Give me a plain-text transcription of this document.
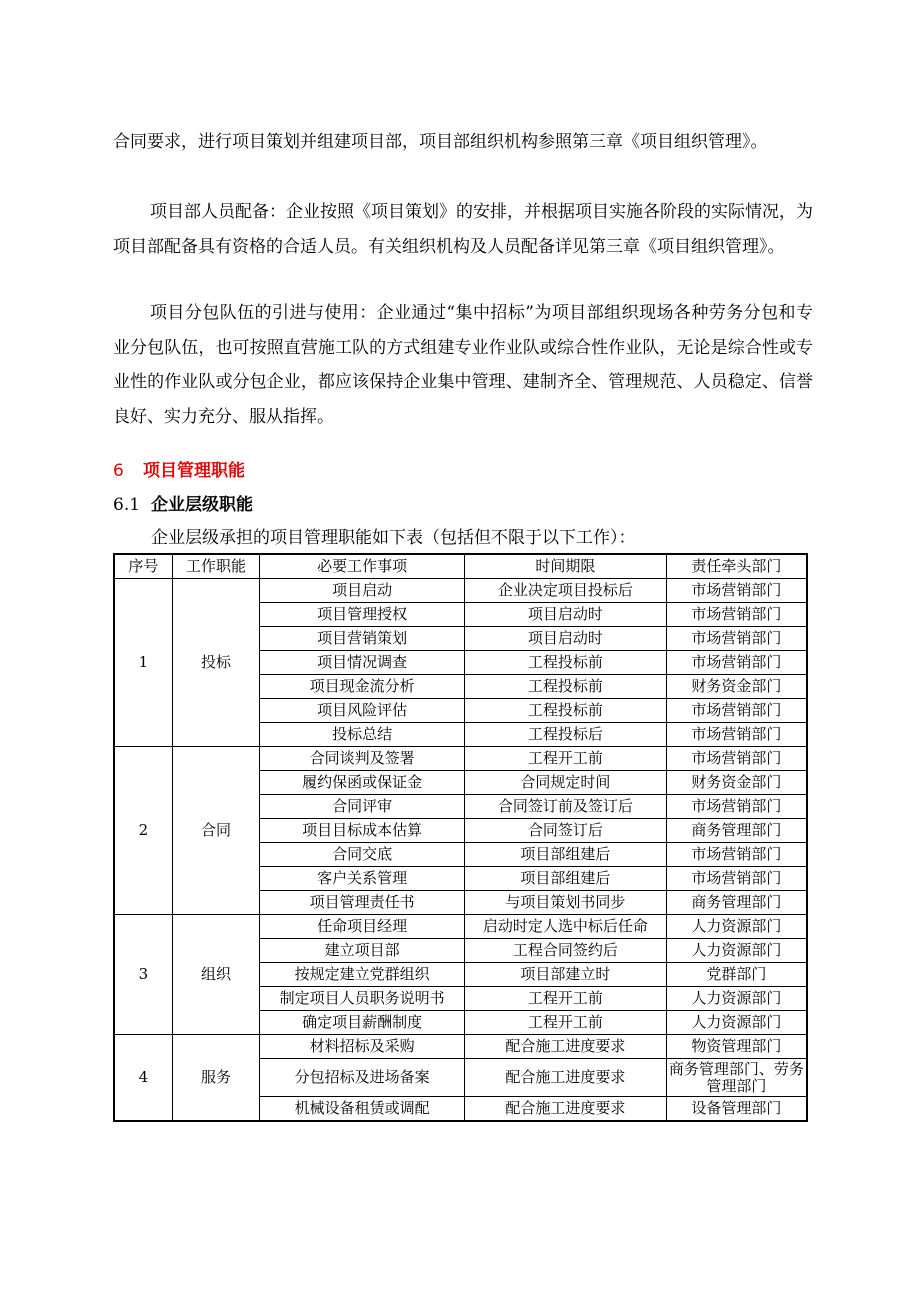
合同要求，进行项目策划并组建项目部，项目部组织机构参照第三章《项目组织管理》。

项目部人员配备：企业按照《项目策划》的安排，并根据项目实施各阶段的实际情况，为项目部配备具有资格的合适人员。有关组织机构及人员配备详见第三章《项目组织管理》。

项目分包队伍的引进与使用：企业通过“集中招标”为项目部组织现场各种劳务分包和专业分包队伍，也可按照直营施工队的方式组建专业作业队或综合性作业队，无论是综合性或专业性的作业队或分包企业，都应该保持企业集中管理、建制齐全、管理规范、人员稳定、信誉良好、实力充分、服从指挥。

6 项目管理职能
6.1 企业层级职能

企业层级承担的项目管理职能如下表（包括但不限于以下工作）：

序号	工作职能	必要工作事项	时间期限	责任牵头部门
1	投标	项目启动	企业决定项目投标后	市场营销部门
		项目管理授权	项目启动时	市场营销部门
		项目营销策划	项目启动时	市场营销部门
		项目情况调查	工程投标前	市场营销部门
		项目现金流分析	工程投标前	财务资金部门
		项目风险评估	工程投标前	市场营销部门
		投标总结	工程投标后	市场营销部门
2	合同	合同谈判及签署	工程开工前	市场营销部门
		履约保函或保证金	合同规定时间	财务资金部门
		合同评审	合同签订前及签订后	市场营销部门
		项目目标成本估算	合同签订后	商务管理部门
		合同交底	项目部组建后	市场营销部门
		客户关系管理	项目部组建后	市场营销部门
		项目管理责任书	与项目策划书同步	商务管理部门
3	组织	任命项目经理	启动时定人选中标后任命	人力资源部门
		建立项目部	工程合同签约后	人力资源部门
		按规定建立党群组织	项目部建立时	党群部门
		制定项目人员职务说明书	工程开工前	人力资源部门
		确定项目薪酬制度	工程开工前	人力资源部门
4	服务	材料招标及采购	配合施工进度要求	物资管理部门
		分包招标及进场备案	配合施工进度要求	商务管理部门、劳务管理部门
		机械设备租赁或调配	配合施工进度要求	设备管理部门
